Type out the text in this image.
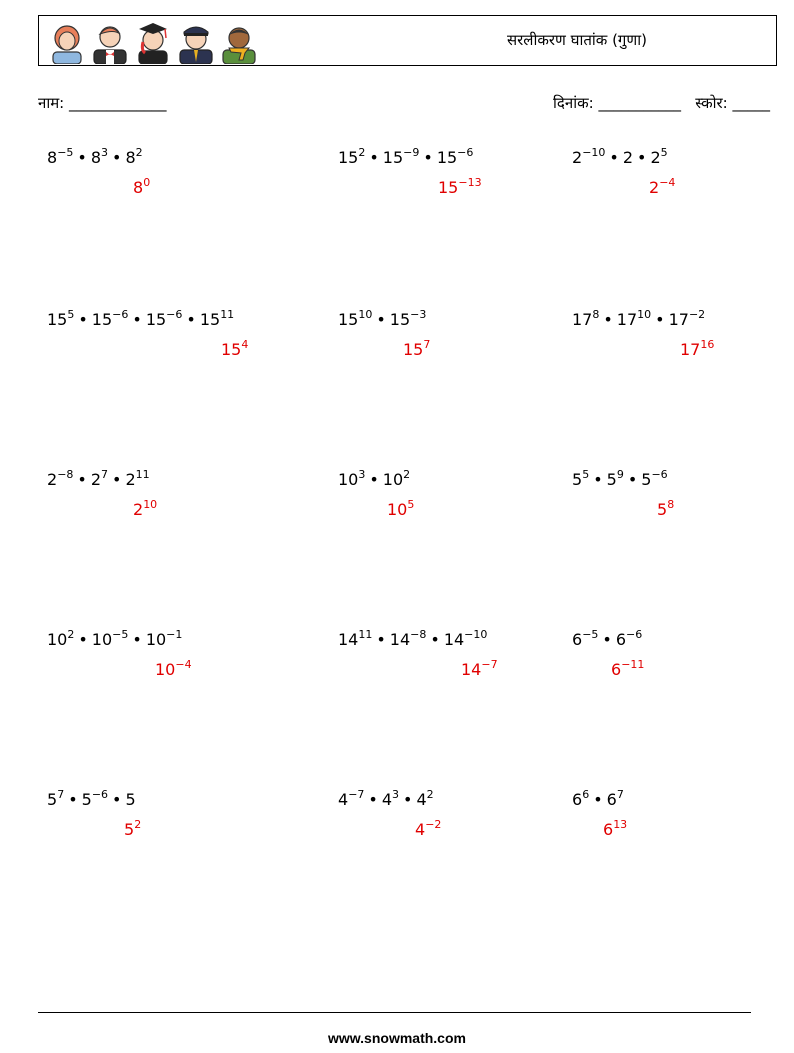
सरलीकरण घातांक (गुणा)
नाम: _____________	दिनांक: ___________ स्कोर: _____
$8^{-5}$ • $8^3$ • $8^2$
$8^0$
$15^2$ • $15^{-9}$ • $15^{-6}$
$15^{-13}$
$2^{-10}$ • 2 • $2^5$
$2^{-4}$
$15^5$ • $15^{-6}$ • $15^{-6}$ • $15^{11}$
$15^4$
$15^{10}$ • $15^{-3}$
$15^7$
$17^8$ • $17^{10}$ • $17^{-2}$
$17^{16}$
$2^{-8}$ • $2^7$ • $2^{11}$
$2^{10}$
$10^3$ • $10^2$
$10^5$
$5^5$ • $5^9$ • $5^{-6}$
$5^8$
$10^2$ • $10^{-5}$ • $10^{-1}$
$10^{-4}$
$14^{11}$ • $14^{-8}$ • $14^{-10}$
$14^{-7}$
$6^{-5}$ • $6^{-6}$
$6^{-11}$
$5^7$ • $5^{-6}$ • 5
$5^2$
$4^{-7}$ • $4^3$ • $4^2$
$4^{-2}$
$6^6$ • $6^7$
$6^{13}$
www.snowmath.com
